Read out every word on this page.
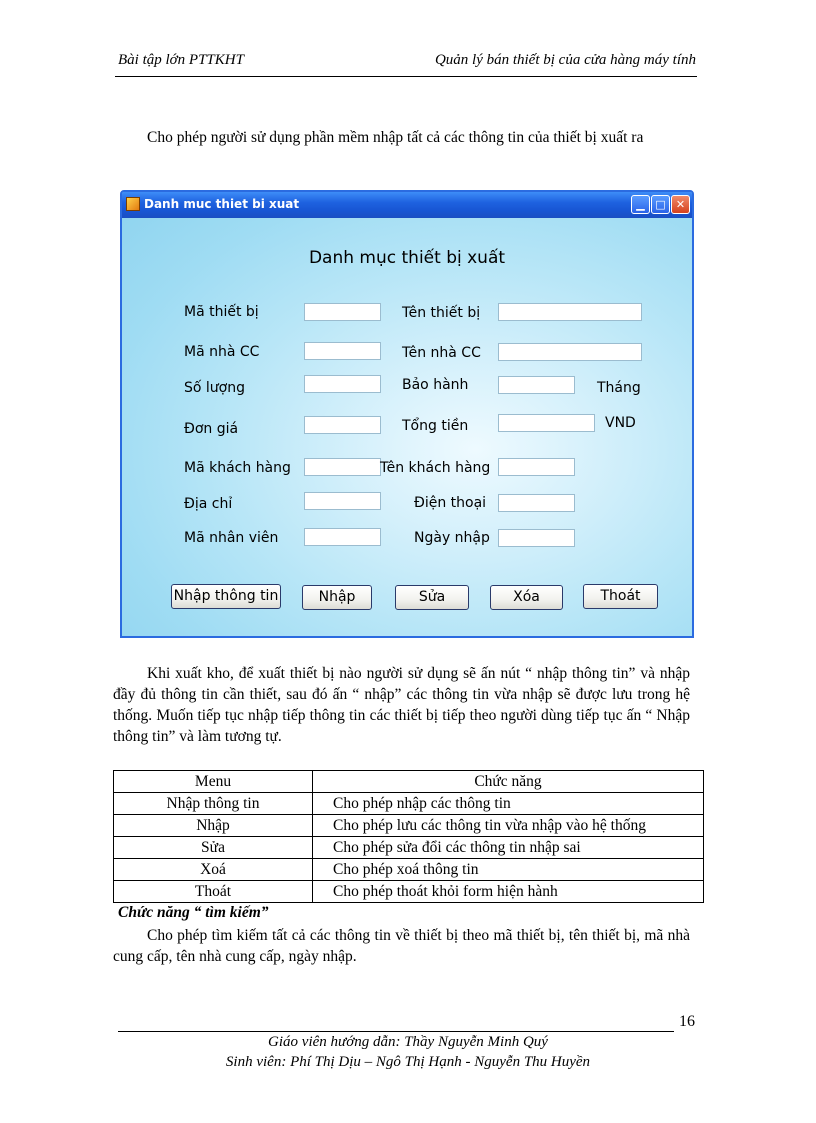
Bài tập lớn PTTKHT	Quản lý bán thiết bị của cửa hàng máy tính
Cho phép người sử dụng phần mềm nhập tất cả các thông tin của thiết bị xuất ra
Danh muc thiet bi xuat	▁ □ ✕
Danh mục thiết bị xuất
Mã thiết bị	Tên thiết bị
Mã nhà CC	Tên nhà CC
Số lượng	Bảo hành	Tháng
Đơn giá	Tổng tiền	VND
Mã khách hàng	Tên khách hàng
Địa chỉ	Điện thoại
Mã nhân viên	Ngày nhập
Nhập thông tin	Nhập	Sửa	Xóa	Thoát
Khi xuất kho, để xuất thiết bị nào người sử dụng sẽ ấn nút “ nhập thông tin” và nhập đầy đủ thông tin cần thiết, sau đó ấn “ nhập” các thông tin vừa nhập sẽ được lưu trong hệ thống. Muốn tiếp tục nhập tiếp thông tin các thiết bị tiếp theo người dùng tiếp tục ấn “ Nhập thông tin” và làm tương tự.
Menu	Chức năng
Nhập thông tin	Cho phép nhập các thông tin
Nhập	Cho phép lưu các thông tin vừa nhập vào hệ thống
Sửa	Cho phép sửa đổi các thông tin nhập sai
Xoá	Cho phép xoá thông tin
Thoát	Cho phép thoát khỏi form hiện hành
Chức năng “ tìm kiếm”
Cho phép tìm kiếm tất cả các thông tin về thiết bị theo mã thiết bị, tên thiết bị, mã nhà cung cấp, tên nhà cung cấp, ngày nhập.
16
Giáo viên hướng dẫn: Thầy Nguyễn Minh Quý
Sinh viên: Phí Thị Dịu – Ngô Thị Hạnh - Nguyễn Thu Huyền
